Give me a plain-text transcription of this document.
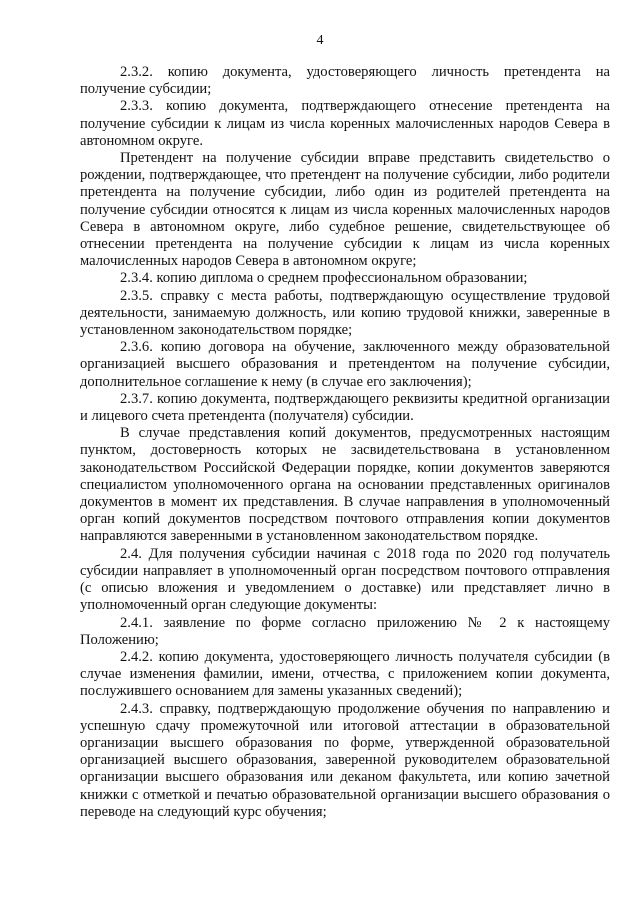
4

2.3.2. копию документа, удостоверяющего личность претендента на получение субсидии;

2.3.3. копию документа, подтверждающего отнесение претендента на получение субсидии к лицам из числа коренных малочисленных народов Севера в автономном округе.

Претендент на получение субсидии вправе представить свидетельство о рождении, подтверждающее, что претендент на получение субсидии, либо родители претендента на получение субсидии, либо один из родителей претендента на получение субсидии относятся к лицам из числа коренных малочисленных народов Севера в автономном округе, либо судебное решение, свидетельствующее об отнесении претендента на получение субсидии к лицам из числа коренных малочисленных народов Севера в автономном округе;

2.3.4. копию диплома о среднем профессиональном образовании;

2.3.5. справку с места работы, подтверждающую осуществление трудовой деятельности, занимаемую должность, или копию трудовой книжки, заверенные в установленном законодательством порядке;

2.3.6. копию договора на обучение, заключенного между образовательной организацией высшего образования и претендентом на получение субсидии, дополнительное соглашение к нему (в случае его заключения);

2.3.7. копию документа, подтверждающего реквизиты кредитной организации и лицевого счета претендента (получателя) субсидии.

В случае представления копий документов, предусмотренных настоящим пунктом, достоверность которых не засвидетельствована в установленном законодательством Российской Федерации порядке, копии документов заверяются специалистом уполномоченного органа на основании представленных оригиналов документов в момент их представления. В случае направления в уполномоченный орган копий документов посредством почтового отправления копии документов направляются заверенными в установленном законодательством порядке.

2.4. Для получения субсидии начиная с 2018 года по 2020 год получатель субсидии направляет в уполномоченный орган посредством почтового отправления (с описью вложения и уведомлением о доставке) или представляет лично в уполномоченный орган следующие документы:

2.4.1. заявление по форме согласно приложению № 2 к настоящему Положению;

2.4.2. копию документа, удостоверяющего личность получателя субсидии (в случае изменения фамилии, имени, отчества, с приложением копии документа, послужившего основанием для замены указанных сведений);

2.4.3. справку, подтверждающую продолжение обучения по направлению и успешную сдачу промежуточной или итоговой аттестации в образовательной организации высшего образования по форме, утвержденной образовательной организацией высшего образования, заверенной руководителем образовательной организации высшего образования или деканом факультета, или копию зачетной книжки с отметкой и печатью образовательной организации высшего образования о переводе на следующий курс обучения;
